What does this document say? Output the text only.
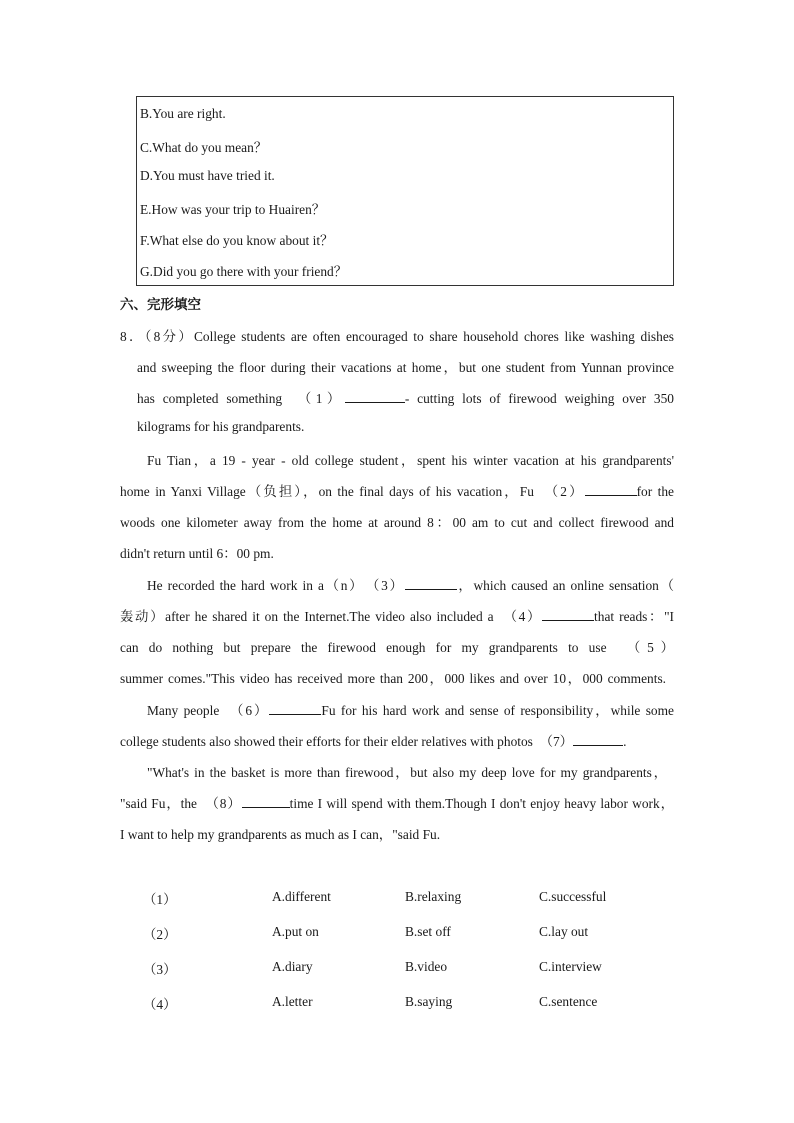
B.You are right.
C.What do you mean？
D.You must have tried it.
E.How was your trip to Huairen？
F.What else do you know about it？
G.Did you go there with your friend？
六、完形填空
8．（8分）College students are often encouraged to share household chores like washing dishes
and sweeping the floor during their vacations at home，but one student from Yunnan province
has completed something　（1）	- cutting lots of firewood weighing over 350
kilograms for his grandparents.
Fu Tian，a 19 - year - old college student，spent his winter vacation at his grandparents'
home in Yanxi Village（负担），on the final days of his vacation，Fu　（2）	for the
woods one kilometer away from the home at around 8：00 am to cut and collect firewood and
didn't return until 6：00 pm.
He recorded the hard work in a（n）　（3）	，which caused an online sensation（
轰动）after he shared it on the Internet.The video also included a　（4）	that reads："I
can do nothing but prepare the firewood enough for my grandparents to use　（5）
summer comes."This video has received more than 200，000 likes and over 10，000 comments.
Many people　（6）	Fu for his hard work and sense of responsibility，while some
college students also showed their efforts for their elder relatives with photos　（7）	.
"What's in the basket is more than firewood，but also my deep love for my grandparents，
"said Fu，the　（8）	time I will spend with them.Though I don't enjoy heavy labor work，
I want to help my grandparents as much as I can，"said Fu.
（1）	A.different	B.relaxing	C.successful
（2）	A.put on	B.set off	C.lay out
（3）	A.diary	B.video	C.interview
（4）	A.letter	B.saying	C.sentence
